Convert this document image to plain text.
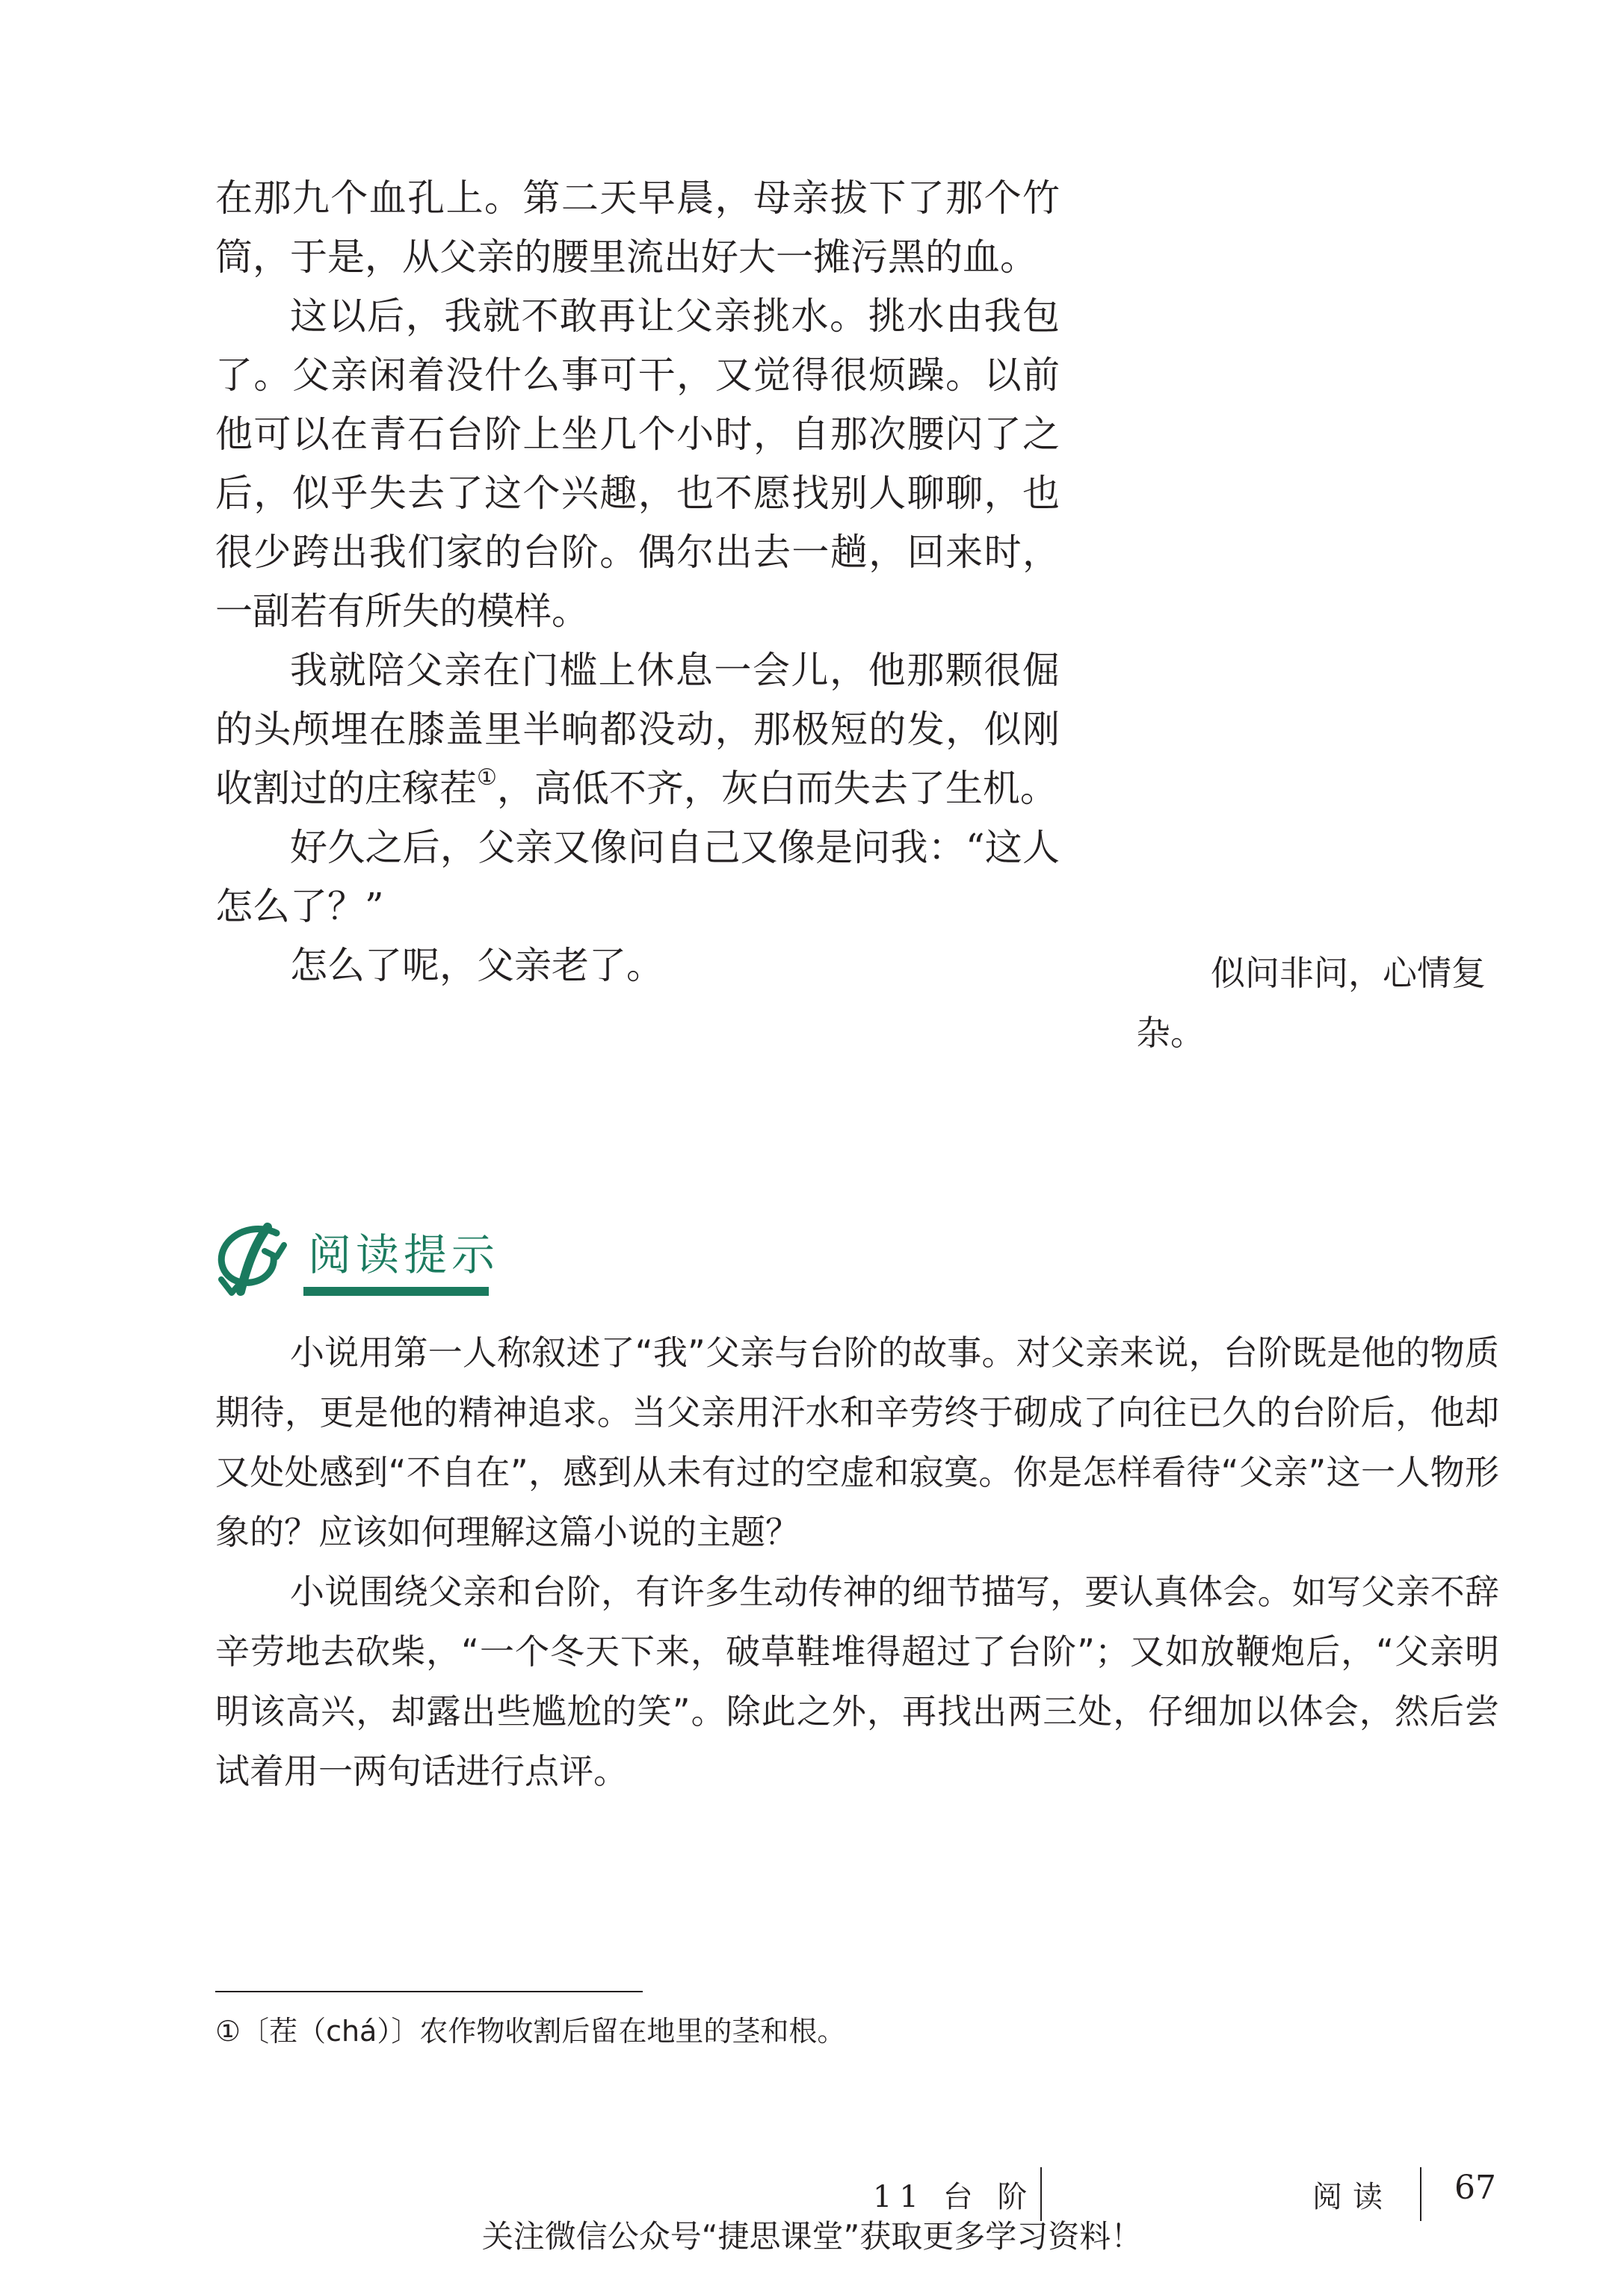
在那九个血孔上。第二天早晨，母亲拔下了那个竹筒，于是，从父亲的腰里流出好大一摊污黑的血。

这以后，我就不敢再让父亲挑水。挑水由我包了。父亲闲着没什么事可干，又觉得很烦躁。以前他可以在青石台阶上坐几个小时，自那次腰闪了之后，似乎失去了这个兴趣，也不愿找别人聊聊，也很少跨出我们家的台阶。偶尔出去一趟，回来时，一副若有所失的模样。

我就陪父亲在门槛上休息一会儿，他那颗很倔的头颅埋在膝盖里半晌都没动，那极短的发，似刚收割过的庄稼茬①，高低不齐，灰白而失去了生机。

好久之后，父亲又像问自己又像是问我：“这人怎么了？”

怎么了呢，父亲老了。	似问非问，心情复杂。

阅读提示

小说用第一人称叙述了“我”父亲与台阶的故事。对父亲来说，台阶既是他的物质期待，更是他的精神追求。当父亲用汗水和辛劳终于砌成了向往已久的台阶后，他却又处处感到“不自在”，感到从未有过的空虚和寂寞。你是怎样看待“父亲”这一人物形象的？应该如何理解这篇小说的主题？

小说围绕父亲和台阶，有许多生动传神的细节描写，要认真体会。如写父亲不辞辛劳地去砍柴，“一个冬天下来，破草鞋堆得超过了台阶”；又如放鞭炮后，“父亲明明该高兴，却露出些尴尬的笑”。除此之外，再找出两三处，仔细加以体会，然后尝试着用一两句话进行点评。

①〔茬（chá）〕农作物收割后留在地里的茎和根。
11 台 阶	阅读 67
关注微信公众号“捷思课堂”获取更多学习资料！
